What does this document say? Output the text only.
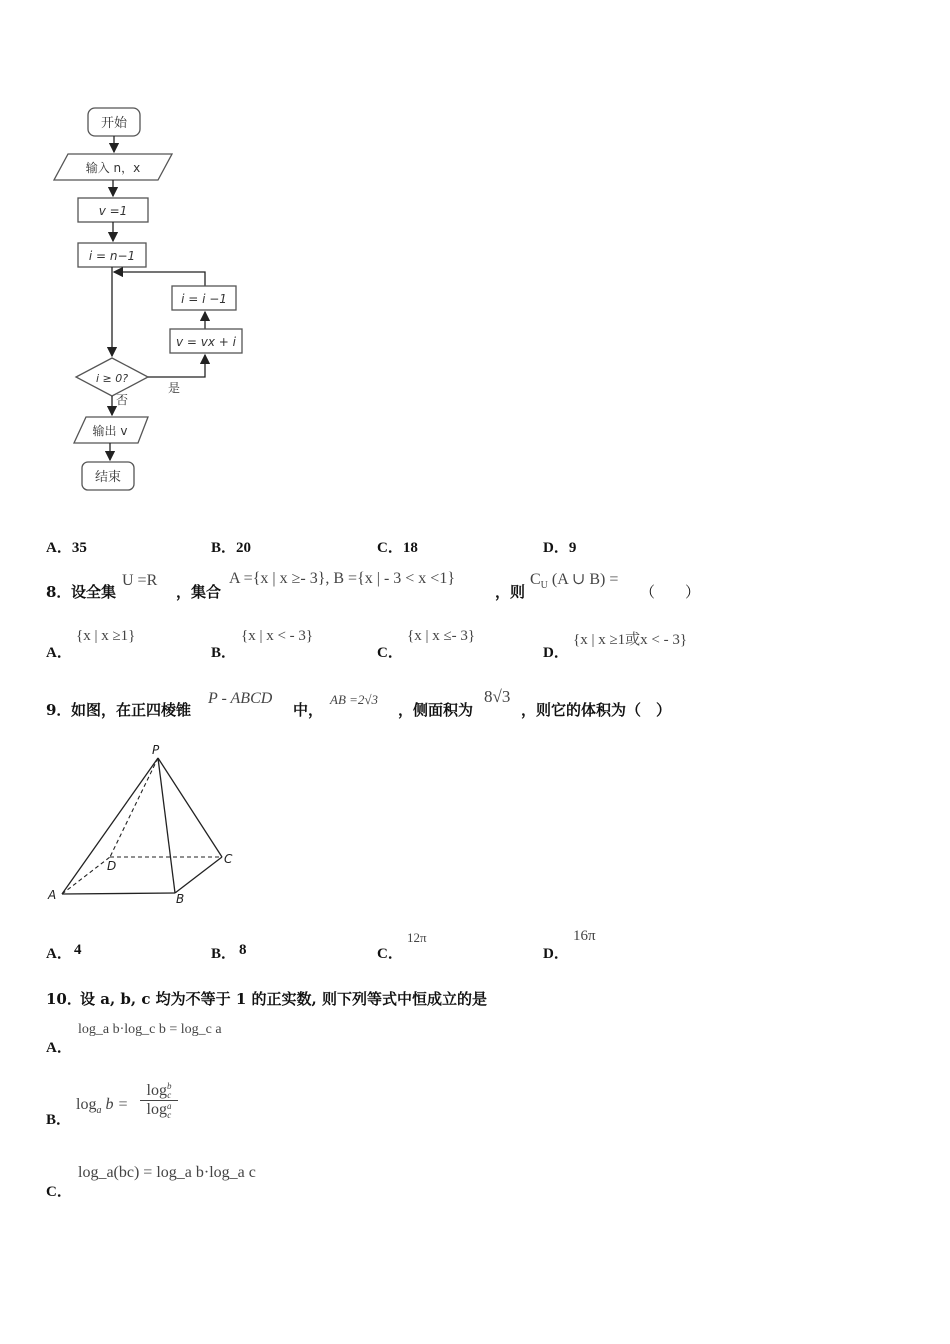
开始
输入 n，x
v =1
i = n−1
i = i −1
v = vx + i
i ≥ 0?
是
否
输出 v
结束
A．35	B．20	C．18	D．9
8． 设全集
U =R
，集合
A ={x | x ≥- 3}, B ={x | - 3 < x <1}
，则
$C_U$ (A ∪ B) =
（　　）
A．
{x | x ≥1}
B．
{x | x < - 3}
C．
{x | x ≤- 3}
D．
{x | x ≥1或x < - 3}
9． 如图，在正四棱锥
P - ABCD
中，
AB =2√3
，侧面积为
8√3
，则它的体积为（　）
P
A	B
C
D
A． 4	B． 8	C．
12π
D．
16π
10．
设 a, b, c 均为不等于 1 的正实数, 则下列等式中恒成立的是
A．
log_a b·log_c b = log_c a
B．
$\log_a b = \log b$
c
log a
c
C．
log_a(bc) = log_a b·log_a c
